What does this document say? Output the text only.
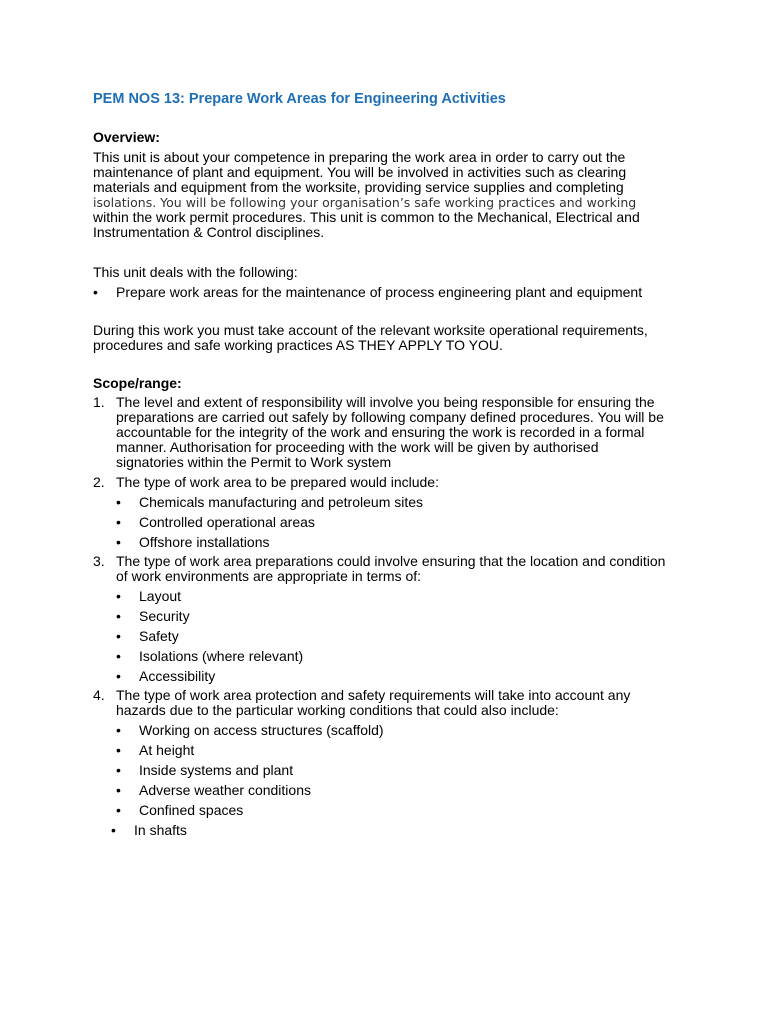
PEM NOS 13: Prepare Work Areas for Engineering Activities
Overview:
This unit is about your competence in preparing the work area in order to carry out the
maintenance of plant and equipment. You will be involved in activities such as clearing
materials and equipment from the worksite, providing service supplies and completing
isolations. You will be following your organisation’s safe working practices and working
within the work permit procedures. This unit is common to the Mechanical, Electrical and
Instrumentation & Control disciplines.
This unit deals with the following:
• Prepare work areas for the maintenance of process engineering plant and equipment
During this work you must take account of the relevant worksite operational requirements,
procedures and safe working practices AS THEY APPLY TO YOU.
Scope/range:
1. The level and extent of responsibility will involve you being responsible for ensuring the
preparations are carried out safely by following company defined procedures. You will be
accountable for the integrity of the work and ensuring the work is recorded in a formal
manner. Authorisation for proceeding with the work will be given by authorised
signatories within the Permit to Work system
2. The type of work area to be prepared would include:
• Chemicals manufacturing and petroleum sites
• Controlled operational areas
• Offshore installations
3. The type of work area preparations could involve ensuring that the location and condition
of work environments are appropriate in terms of:
• Layout
• Security
• Safety
• Isolations (where relevant)
• Accessibility
4. The type of work area protection and safety requirements will take into account any
hazards due to the particular working conditions that could also include:
• Working on access structures (scaffold)
• At height
• Inside systems and plant
• Adverse weather conditions
• Confined spaces
• In shafts
